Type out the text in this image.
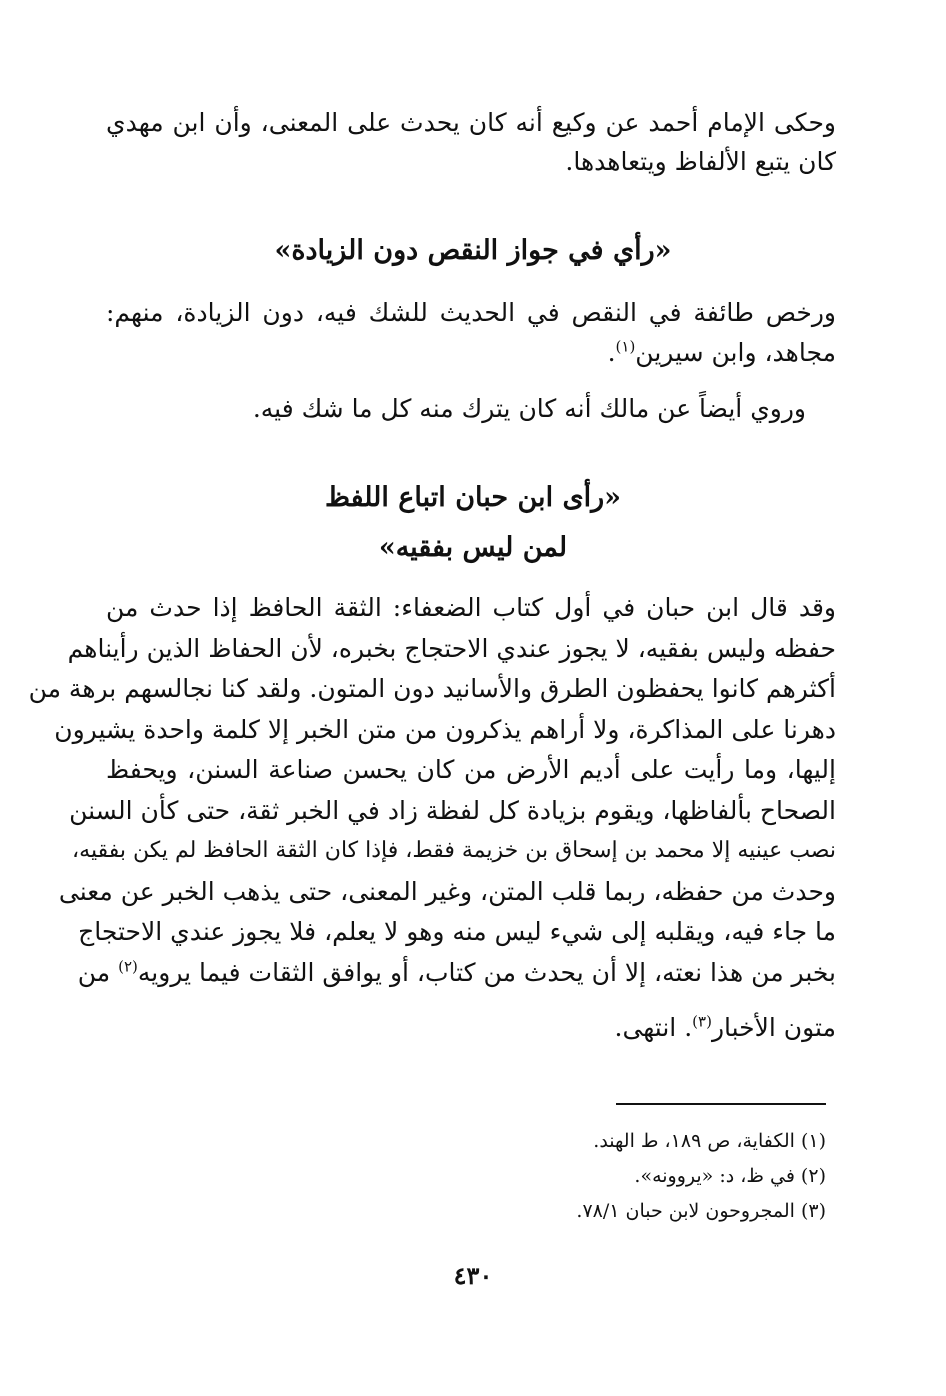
وحكى الإمام أحمد عن وكيع أنه كان يحدث على المعنى، وأن ابن مهدي
كان يتبع الألفاظ ويتعاهدها.
«رأي في جواز النقص دون الزيادة»
ورخص طائفة في النقص في الحديث للشك فيه، دون الزيادة، منهم:
مجاهد، وابن سيرين$^{(١)}$.
وروي أيضاً عن مالك أنه كان يترك منه كل ما شك فيه.
«رأى ابن حبان اتباع اللفظ
لمن ليس بفقيه»
وقد قال ابن حبان في أول كتاب الضعفاء: الثقة الحافظ إذا حدث من
حفظه وليس بفقيه، لا يجوز عندي الاحتجاج بخبره، لأن الحفاظ الذين رأيناهم
أكثرهم كانوا يحفظون الطرق والأسانيد دون المتون. ولقد كنا نجالسهم برهة من
دهرنا على المذاكرة، ولا أراهم يذكرون من متن الخبر إلا كلمة واحدة يشيرون
إليها، وما رأيت على أديم الأرض من كان يحسن صناعة السنن، ويحفظ
الصحاح بألفاظها، ويقوم بزيادة كل لفظة زاد في الخبر ثقة، حتى كأن السنن
نصب عينيه إلا محمد بن إسحاق بن خزيمة فقط، فإذا كان الثقة الحافظ لم يكن بفقيه،
وحدث من حفظه، ربما قلب المتن، وغير المعنى، حتى يذهب الخبر عن معنى
ما جاء فيه، ويقلبه إلى شيء ليس منه وهو لا يعلم، فلا يجوز عندي الاحتجاج
بخبر من هذا نعته، إلا أن يحدث من كتاب، أو يوافق الثقات فيما يرويه$^{(٢)}$ من
متون الأخبار$^{(٣)}$. انتهى.
(١) الكفاية، ص ١٨٩، ط الهند.
(٢) في ظ، د: «يروونه».
(٣) المجروحون لابن حبان ٧٨/١.
٤٣٠
